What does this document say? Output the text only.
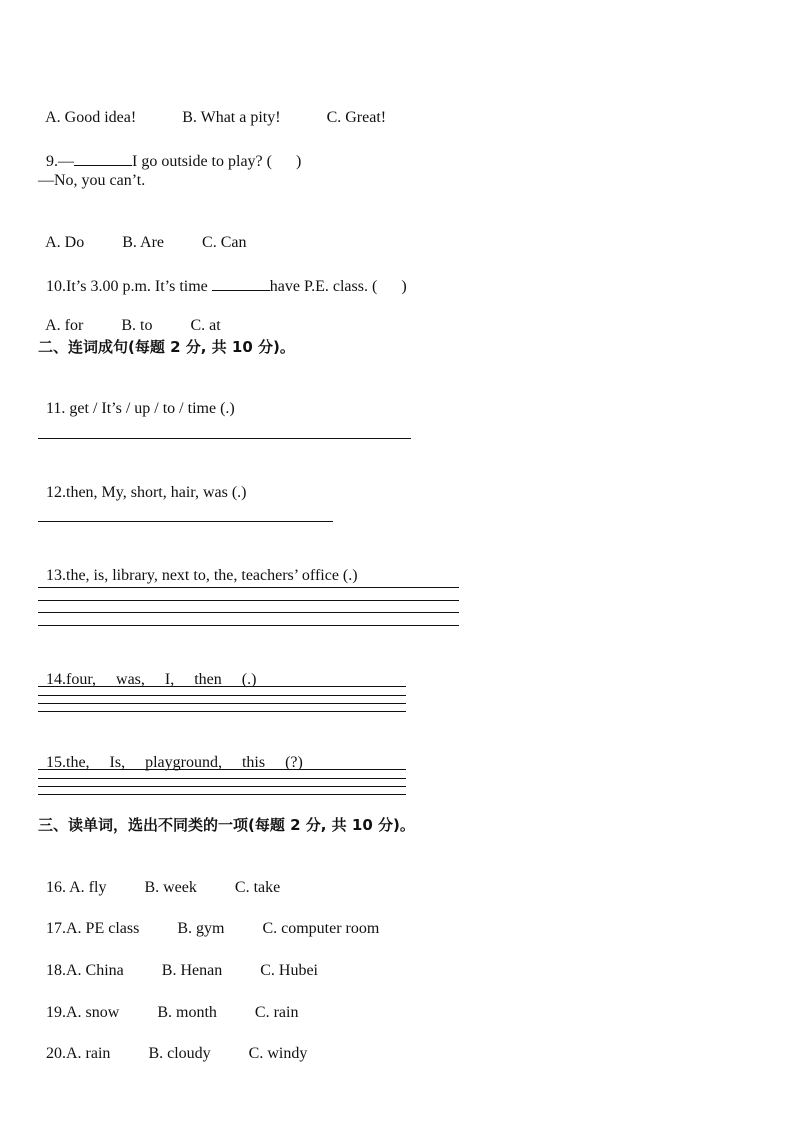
A. Good idea!	B. What a pity!	C. Great!

9.—	I go outside to play? (      )

—No, you can’t.

A. Do B. Are C. Can

10.It’s 3.00 p.m. It’s time	have P.E. class. (      )

A. for B. to C. at

二、连词成句(每题 2 分, 共 10 分)。

11. get / It’s / up / to / time (.)

12.then, My, short, hair, was (.)

13.the, is, library, next to, the, teachers’ office (.)

14.four,     was,     I,     then     (.)

15.the,     Is,     playground,     this     (?)

三、读单词，选出不同类的一项(每题 2 分, 共 10 分)。

16. A. fly B. week C. take

17.A. PE class B. gym C. computer room

18.A. China B. Henan C. Hubei

19.A. snow B. month C. rain

20.A. rain B. cloudy C. windy
